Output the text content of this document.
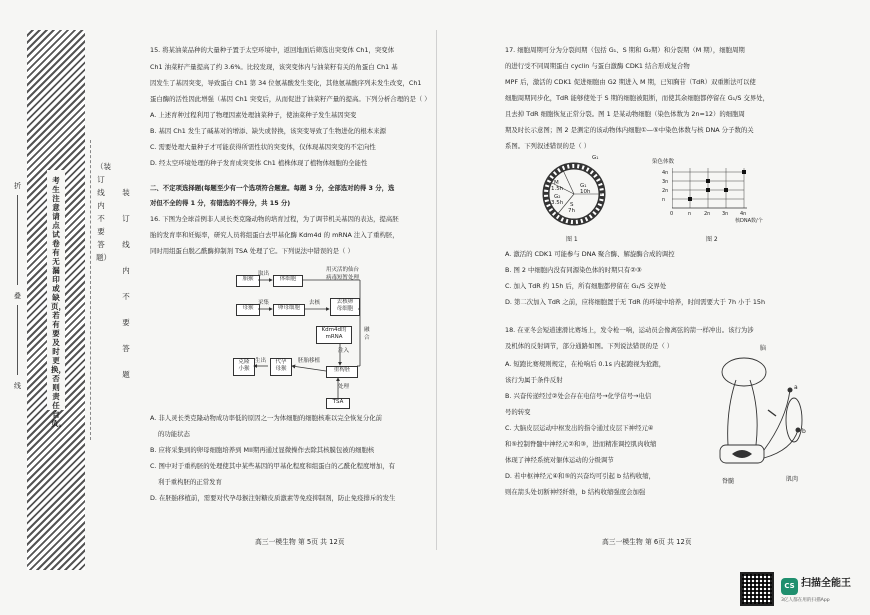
折
叠
线
考生注意请点试卷有无漏印或缺页，若有要及时更换，否则责任自负。
（装订线内不要答题）
装订线内不要答题
15. 将某油菜品种的大量种子置于太空环境中，返回地面后筛选出突变体 Ch1，突变体
Ch1 油菜籽产量提高了约 3.6%。比较发现，该突变体内与油菜籽有关的角蛋白 Ch1 基
因发生了基因突变，导致蛋白 Ch1 第 34 位氨基酸发生变化，其他氨基酸序列未发生改变，Ch1
蛋白酶的活性因此增强（基因 Ch1 突变后，从而促进了油菜籽产量的提高。下列分析合理的是（ ）
A. 上述育种过程利用了物理因素处理油菜种子，使油菜种子发生基因突变
B. 基因 Ch1 发生了碱基对的增添、缺失或替换，该突变导致了生物进化的根本来源
C. 需要处理大量种子才可能获得所需性状的突变体，仅体现基因突变的不定向性
D. 经太空环境处理的种子发育成突变体 Ch1 植株体现了植物体细胞的全能性
二、不定项选择题(每题至少有一个选项符合题意。每题 3 分，全部选对的得 3 分，选
对但不全的得 1 分，有错选的不得分，共 15 分)
16. 下图为全球首例非人灵长类克隆动物的培育过程，为了调节机关基因的表达，提高胚
胎的发育率和妊娠率，研究人员将组蛋白去甲基化酶 Kdm4d 的 mRNA 注入了重构胚，
同时用组蛋白脱乙酰酶抑制剂 TSA 处理了它。下列说法中错误的是（ ）
胎猴
取出
体细胞
用灭活的仙台
病毒短暂处理
母猴
采集
卵母细胞
去核	去核卵
母细胞
Kdm4d的
mRNA
注入
融
合
克隆
小猴
生出	代孕
母猴
胚胎移植
重构胚
处理
TSA
A. 非人灵长类克隆动物成功率低的原因之一为体细胞的细胞核难以完全恢复分化前
的功能状态
B. 应将采集到的卵母细胞培养到 MII期再通过显微操作去除其核膜包被的细胞核
C. 图中对于重构胚的处理使其中某些基因的甲基化程度和组蛋白的乙酰化程度增加，有
利于重构胚的正常发育
D. 在胚胎移植前，需要对代孕母猴注射糖皮质激素等免疫抑制剂，防止免疫排斥的发生
高三一模生物 第 5页 共 12页
17. 细胞周期可分为分裂间期（包括 G₁、S 期和 G₂期）和分裂期（M 期），细胞周期
的进行受不同周期蛋白 cyclin 与蛋白激酶 CDK1 结合形成复合物
MPF 后，激活的 CDK1 促进细胞由 G2 期进入 M 期，已知胸苷（TdR）双重断法可以使
细胞周期同步化，TdR 能够使处于 S 期的细胞被阻断，而使其余细胞都停留在 G₁/S 交界处，
且去掉 TdR 细胞恢复正常分裂。图 1 是某动物细胞（染色体数为 2n=12）的细胞周
期及时长示意图；图 2 是测定的该动物体内细胞①—⑤中染色体数与核 DNA 分子数的关
系图。下列叙述错误的是（ ）
M
1.5h
G₂
3.5h S
7h
G₁
10h
G₁
图 1
染色体数
4n
3n
2n
n
0	n	2n 3n 4n
核DNA数/个
图 2
A. 激活的 CDK1 可能参与 DNA 聚合酶、解旋酶合成的调控
B. 图 2 中细胞内没有同源染色体的时期只有②③
C. 加入 TdR 约 15h 后，所有细胞都停留在 G₁/S 交界处
D. 第二次加入 TdR 之前，应将细胞置于无 TdR 的环境中培养，时间需要大于 7h 小于 15h
18. 在亚冬会短道速滑比赛场上，发令枪一响，运动员会像离弦的箭一样冲出。该行为涉
及机体的反射调节，部分通路如图。下列说法错误的是（ ）
A. 短跑比赛规则规定，在枪响后 0.1s 内起跑视为抢跑，
该行为属于条件反射
B. 兴奋传递经过②处会存在电信号→化学信号→电信
号的转变
C. 大脑皮层运动中枢发出的指令通过皮层下神经元④
和⑤控制脊髓中神经元②和③，进而精准调控肌肉收缩
体现了神经系统对躯体运动的分级调节
D. 若中枢神经元④和⑤的兴奋均可引起 b 结构收缩，
则在箭头处切断神经纤维，b 结构收缩强度会加强
脑
脊髓	肌肉
a
b
高三一模生物 第 6页 共 12页
CS 扫描全能王
3亿人都在用的扫描App
